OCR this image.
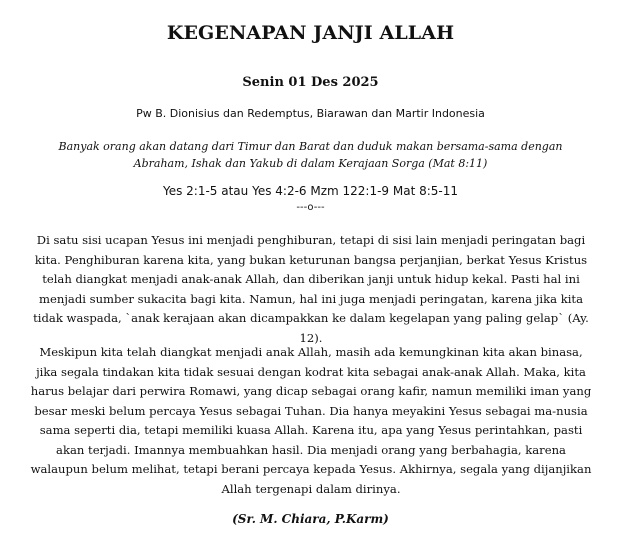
KEGENAPAN JANJI ALLAH
Senin 01 Des 2025
Pw B. Dionisius dan Redemptus, Biarawan dan Martir Indonesia
Banyak orang akan datang dari Timur dan Barat dan duduk makan bersama-sama dengan Abraham, Ishak dan Yakub di dalam Kerajaan Sorga (Mat 8:11)
Yes 2:1-5 atau Yes 4:2-6 Mzm 122:1-9 Mat 8:5-11
---o---

Di satu sisi ucapan Yesus ini menjadi penghiburan, tetapi di sisi lain menjadi peringatan bagi kita. Penghiburan karena kita, yang bukan keturunan bangsa perjanjian, berkat Yesus Kristus telah diangkat menjadi anak-anak Allah, dan diberikan janji untuk hidup kekal. Pasti hal ini menjadi sumber sukacita bagi kita. Namun, hal ini juga menjadi peringatan, karena jika kita tidak waspada, `anak kerajaan akan dicampakkan ke dalam kegelapan yang paling gelap` (Ay. 12).

Meskipun kita telah diangkat menjadi anak Allah, masih ada kemungkinan kita akan binasa, jika segala tindakan kita tidak sesuai dengan kodrat kita sebagai anak-anak Allah. Maka, kita harus belajar dari perwira Romawi, yang dicap sebagai orang kafir, namun memiliki iman yang besar meski belum percaya Yesus sebagai Tuhan. Dia hanya meyakini Yesus sebagai ma-nusia sama seperti dia, tetapi memiliki kuasa Allah. Karena itu, apa yang Yesus perintahkan, pasti akan terjadi. Imannya membuahkan hasil. Dia menjadi orang yang berbahagia, karena walaupun belum melihat, tetapi berani percaya kepada Yesus. Akhirnya, segala yang dijanjikan Allah tergenapi dalam dirinya.

(Sr. M. Chiara, P.Karm)
